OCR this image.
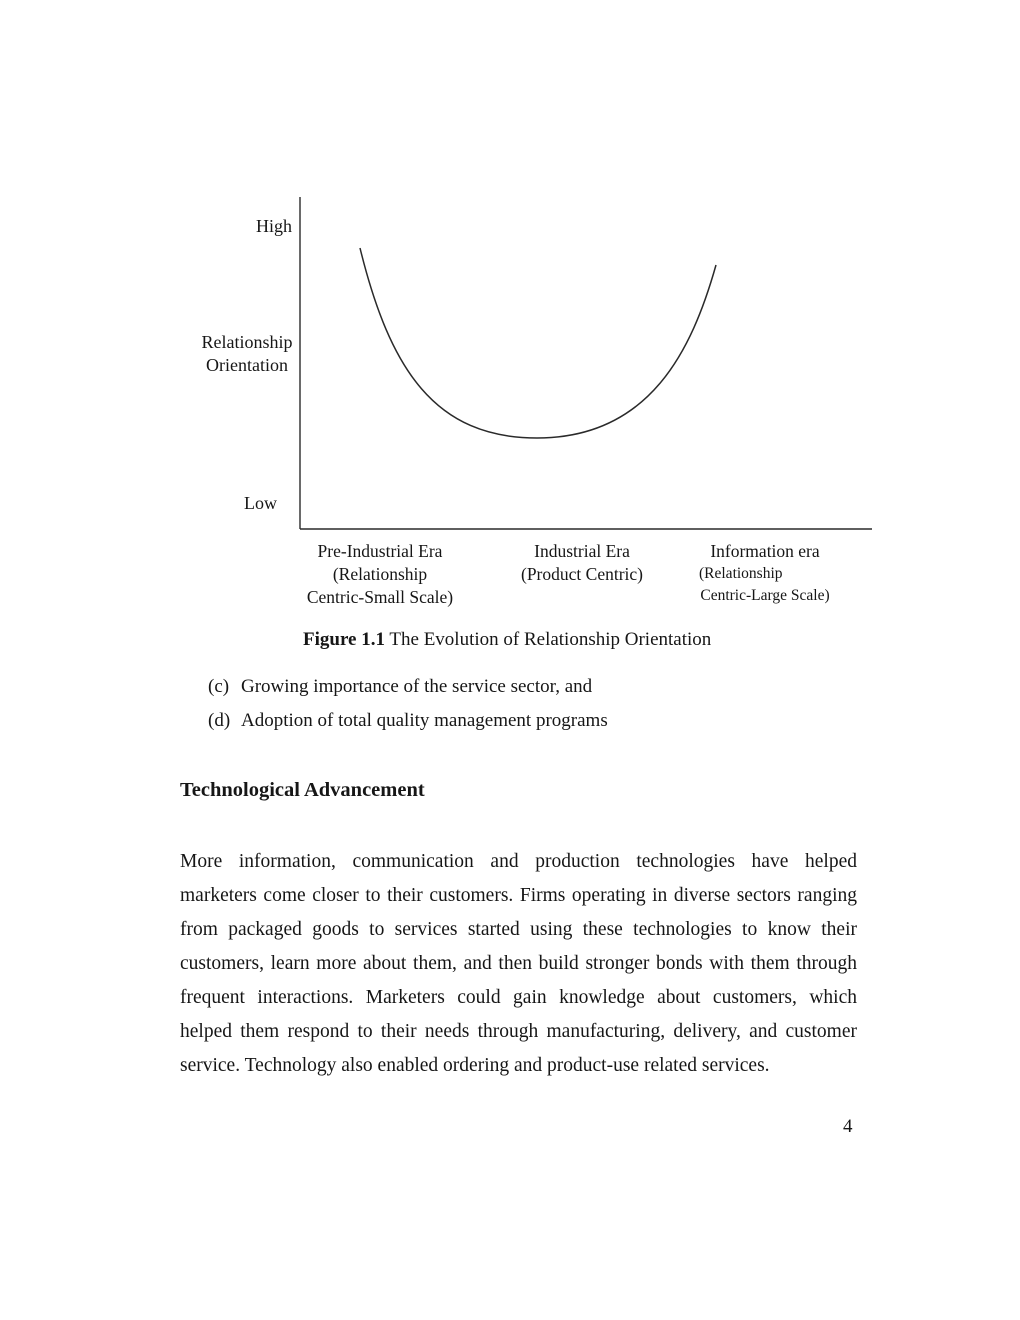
High
Relationship
Orientation
Low
Pre-Industrial Era
(Relationship
Centric-Small Scale)
Industrial Era
(Product Centric)
Information era
(Relationship
Centric-Large Scale)
Figure 1.1 The Evolution of Relationship Orientation
(c) Growing importance of the service sector, and
(d) Adoption of total quality management programs
Technological Advancement
More information, communication and production technologies have helped
marketers come closer to their customers. Firms operating in diverse sectors ranging
from packaged goods to services started using these technologies to know their
customers, learn more about them, and then build stronger bonds with them through
frequent interactions. Marketers could gain knowledge about customers, which
helped them respond to their needs through manufacturing, delivery, and customer
service. Technology also enabled ordering and product-use related services.
4
